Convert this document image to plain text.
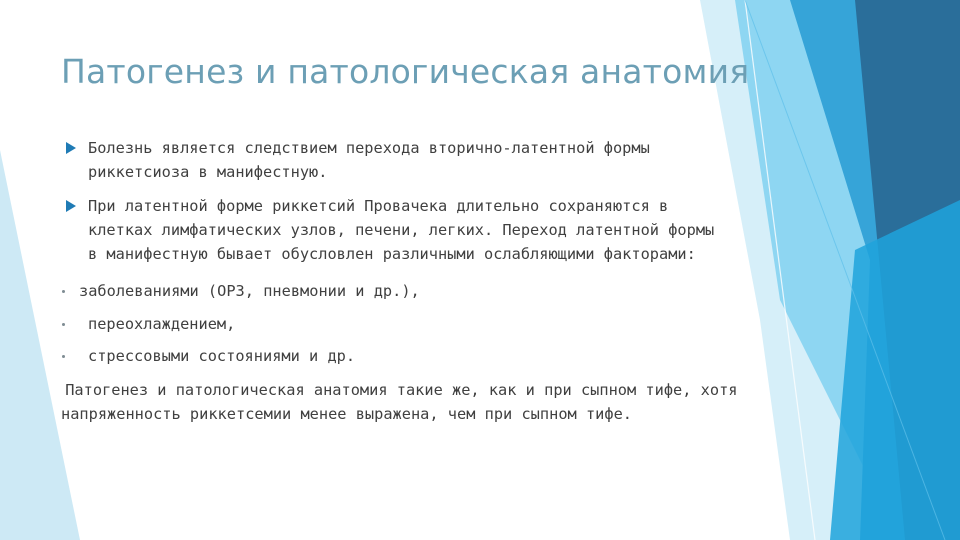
Патогенез и патологическая анатомия
Болезнь является следствием перехода вторично-латентной формы
риккетсиоза в манифестную.
При латентной форме риккетсий Провачека длительно сохраняются в
клетках лимфатических узлов, печени, легких. Переход латентной формы
в манифестную бывает обусловлен различными ослабляющими факторами:
заболеваниями (ОРЗ, пневмонии и др.),
переохлаждением,
стрессовыми состояниями и др.
Патогенез и патологическая анатомия такие же, как и при сыпном тифе, хотя
напряженность риккетсемии менее выражена, чем при сыпном тифе.
